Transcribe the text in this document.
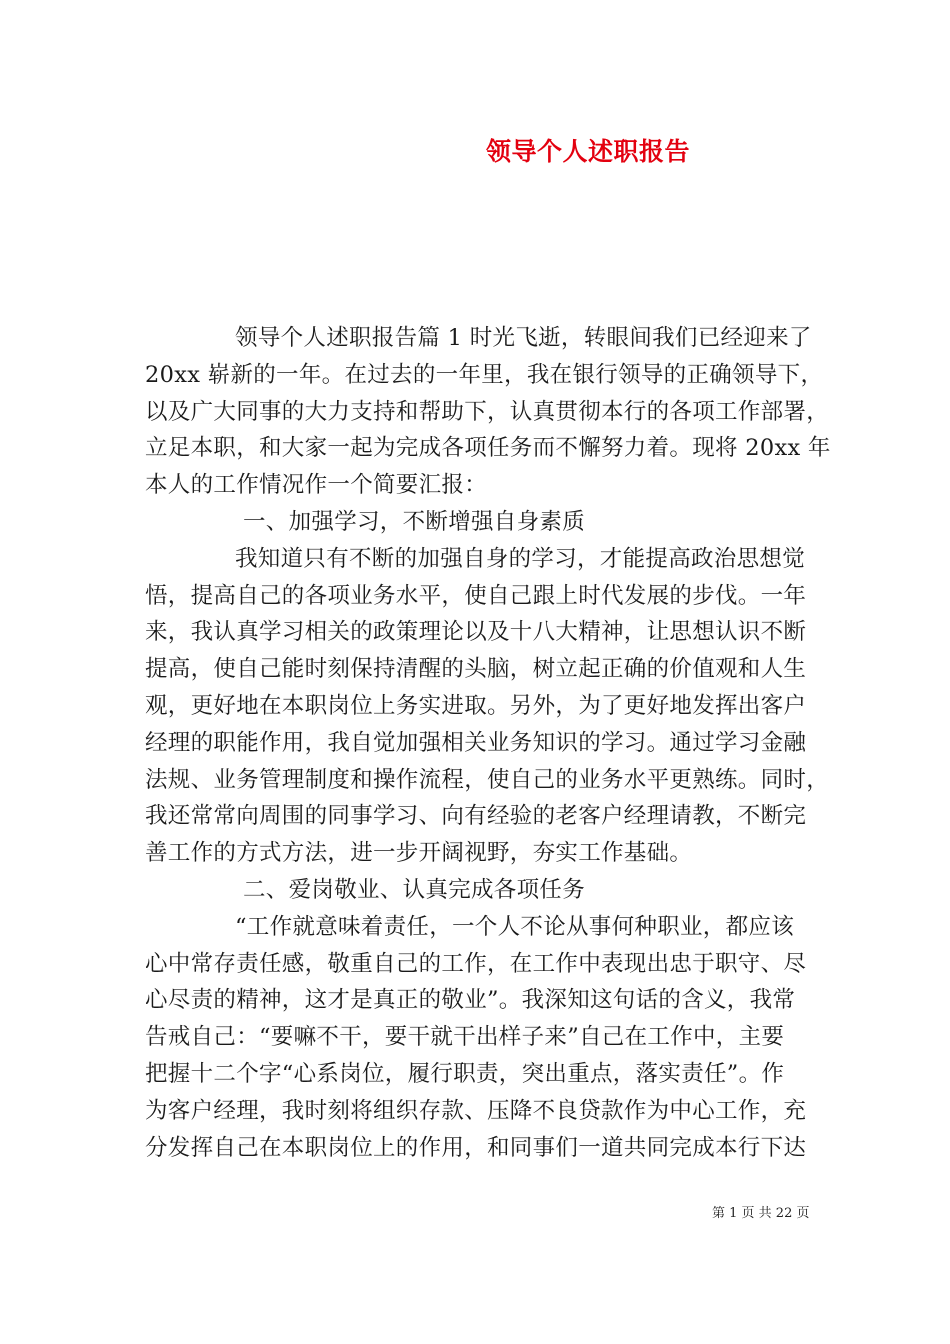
领导个人述职报告
领导个人述职报告篇 1 时光飞逝，转眼间我们已经迎来了
20xx 崭新的一年。在过去的一年里，我在银行领导的正确领导下，
以及广大同事的大力支持和帮助下，认真贯彻本行的各项工作部署，
立足本职，和大家一起为完成各项任务而不懈努力着。现将 20xx 年
本人的工作情况作一个简要汇报：
一、加强学习，不断增强自身素质
我知道只有不断的加强自身的学习，才能提高政治思想觉
悟，提高自己的各项业务水平，使自己跟上时代发展的步伐。一年
来，我认真学习相关的政策理论以及十八大精神，让思想认识不断
提高，使自己能时刻保持清醒的头脑，树立起正确的价值观和人生
观，更好地在本职岗位上务实进取。另外，为了更好地发挥出客户
经理的职能作用，我自觉加强相关业务知识的学习。通过学习金融
法规、业务管理制度和操作流程，使自己的业务水平更熟练。同时，
我还常常向周围的同事学习、向有经验的老客户经理请教，不断完
善工作的方式方法，进一步开阔视野，夯实工作基础。
二、爱岗敬业、认真完成各项任务
“工作就意味着责任，一个人不论从事何种职业，都应该
心中常存责任感，敬重自己的工作，在工作中表现出忠于职守、尽
心尽责的精神，这才是真正的敬业”。我深知这句话的含义，我常
告戒自己：“要嘛不干，要干就干出样子来”自己在工作中，主要
把握十二个字“心系岗位，履行职责，突出重点，落实责任”。作
为客户经理，我时刻将组织存款、压降不良贷款作为中心工作，充
分发挥自己在本职岗位上的作用，和同事们一道共同完成本行下达
第 1 页 共 22 页
